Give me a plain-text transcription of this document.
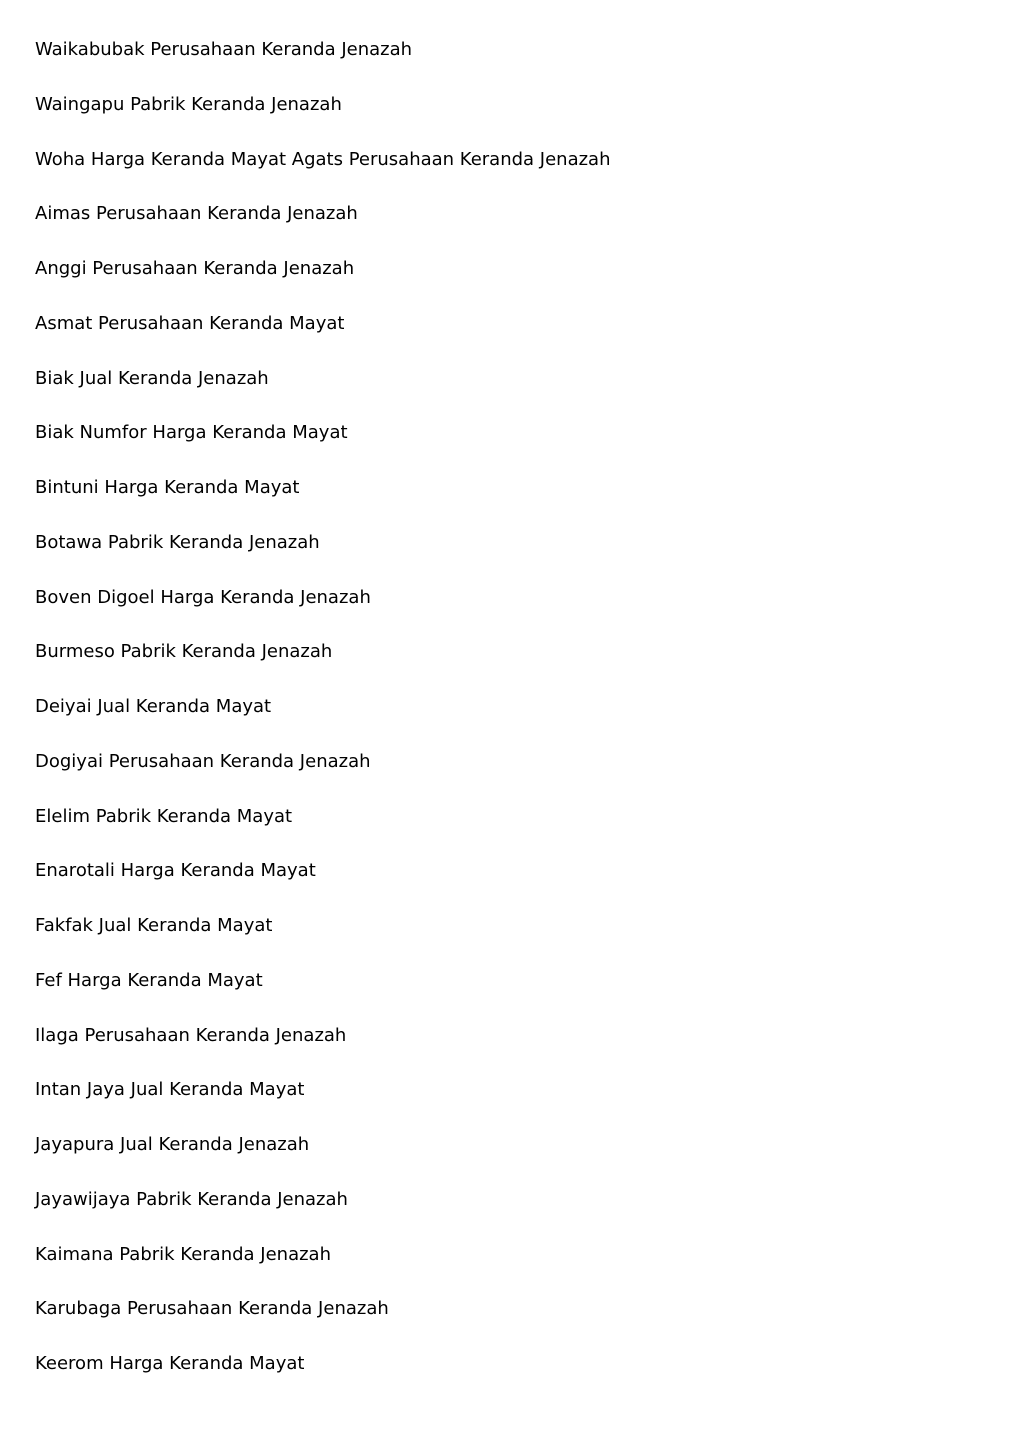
Waikabubak Perusahaan Keranda Jenazah
Waingapu Pabrik Keranda Jenazah
Woha Harga Keranda Mayat Agats Perusahaan Keranda Jenazah
Aimas Perusahaan Keranda Jenazah
Anggi Perusahaan Keranda Jenazah
Asmat Perusahaan Keranda Mayat
Biak Jual Keranda Jenazah
Biak Numfor Harga Keranda Mayat
Bintuni Harga Keranda Mayat
Botawa Pabrik Keranda Jenazah
Boven Digoel Harga Keranda Jenazah
Burmeso Pabrik Keranda Jenazah
Deiyai Jual Keranda Mayat
Dogiyai Perusahaan Keranda Jenazah
Elelim Pabrik Keranda Mayat
Enarotali Harga Keranda Mayat
Fakfak Jual Keranda Mayat
Fef Harga Keranda Mayat
Ilaga Perusahaan Keranda Jenazah
Intan Jaya Jual Keranda Mayat
Jayapura Jual Keranda Jenazah
Jayawijaya Pabrik Keranda Jenazah
Kaimana Pabrik Keranda Jenazah
Karubaga Perusahaan Keranda Jenazah
Keerom Harga Keranda Mayat
